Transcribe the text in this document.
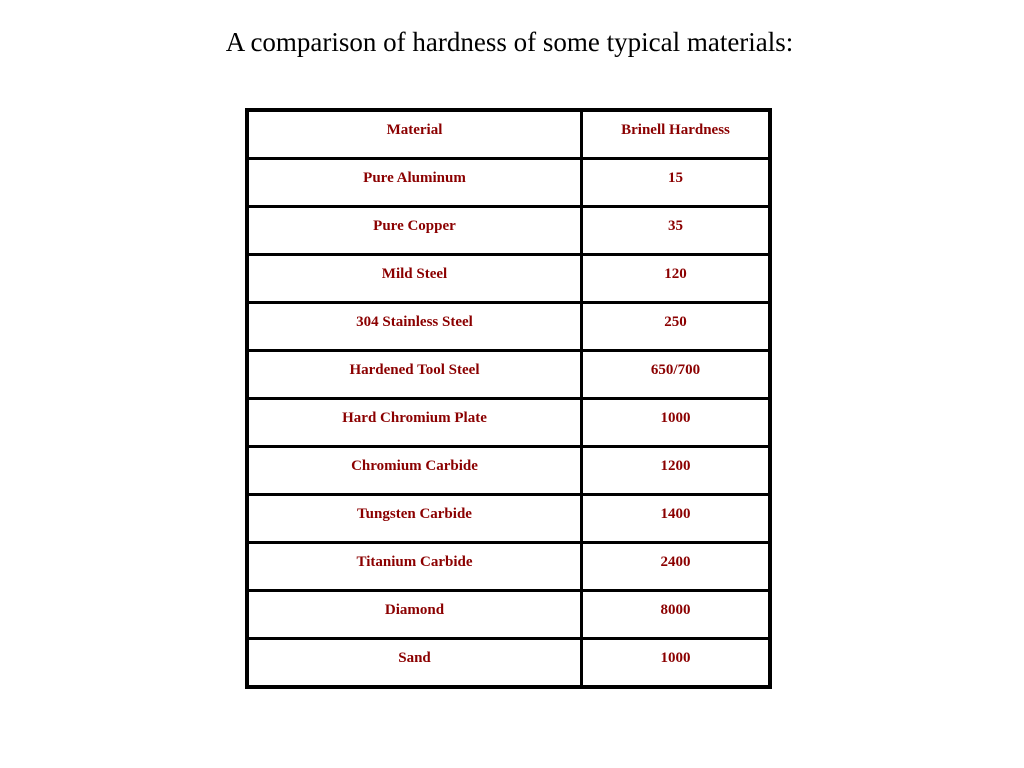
A comparison of hardness of some typical materials:
Material	Brinell Hardness

Pure Aluminum	15

Pure Copper	35

Mild Steel	120

304 Stainless Steel	250

Hardened Tool Steel	650/700

Hard Chromium Plate	1000

Chromium Carbide	1200

Tungsten Carbide	1400

Titanium Carbide	2400

Diamond	8000

Sand	1000
